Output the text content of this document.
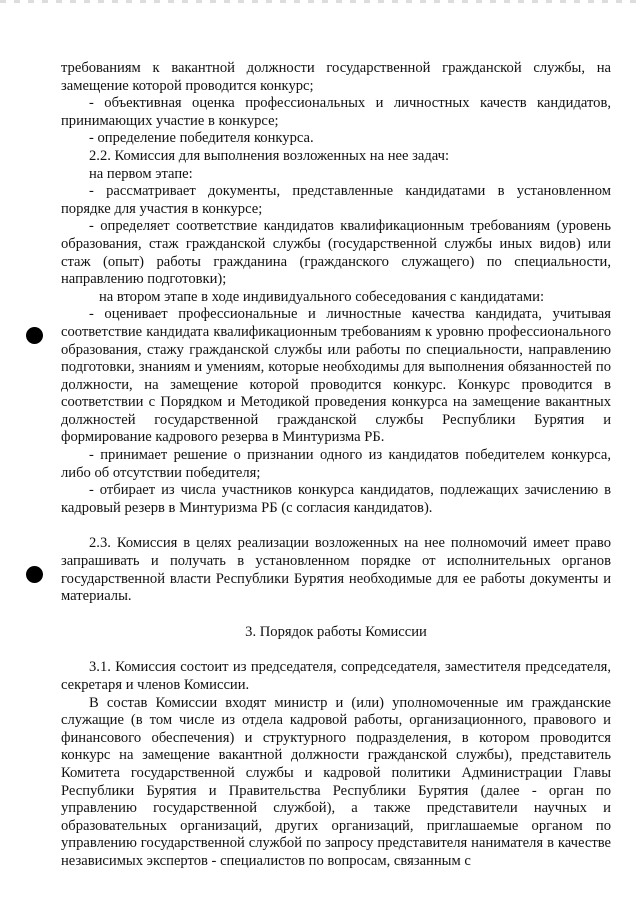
требованиям к вакантной должности государственной гражданской службы, на замещение которой проводится конкурс;

- объективная оценка профессиональных и личностных качеств кандидатов, принимающих участие в конкурсе;

- определение победителя конкурса.

2.2. Комиссия для выполнения возложенных на нее задач:

на первом этапе:

- рассматривает документы, представленные кандидатами в установленном порядке для участия в конкурсе;

- определяет соответствие кандидатов квалификационным требованиям (уровень образования, стаж гражданской службы (государственной службы иных видов) или стаж (опыт) работы гражданина (гражданского служащего) по специальности, направлению подготовки);

на втором этапе в ходе индивидуального собеседования с кандидатами:

- оценивает профессиональные и личностные качества кандидата, учитывая соответствие кандидата квалификационным требованиям к уровню профессионального образования, стажу гражданской службы или работы по специальности, направлению подготовки, знаниям и умениям, которые необходимы для выполнения обязанностей по должности, на замещение которой проводится конкурс. Конкурс проводится в соответствии с Порядком и Методикой проведения конкурса на замещение вакантных должностей государственной гражданской службы Республики Бурятия и формирование кадрового резерва в Минтуризма РБ.

- принимает решение о признании одного из кандидатов победителем конкурса, либо об отсутствии победителя;

- отбирает из числа участников конкурса кандидатов, подлежащих зачислению в кадровый резерв в Минтуризма РБ (с согласия кандидатов).

2.3. Комиссия в целях реализации возложенных на нее полномочий имеет право запрашивать и получать в установленном порядке от исполнительных органов государственной власти Республики Бурятия необходимые для ее работы документы и материалы.

3. Порядок работы Комиссии

3.1. Комиссия состоит из председателя, сопредседателя, заместителя председателя, секретаря и членов Комиссии.

В состав Комиссии входят министр и (или) уполномоченные им гражданские служащие (в том числе из отдела кадровой работы, организационного, правового и финансового обеспечения) и структурного подразделения, в котором проводится конкурс на замещение вакантной должности гражданской службы), представитель Комитета государственной службы и кадровой политики Администрации Главы Республики Бурятия и Правительства Республики Бурятия (далее - орган по управлению государственной службой), а также представители научных и образовательных организаций, других организаций, приглашаемые органом по управлению государственной службой по запросу представителя нанимателя в качестве независимых экспертов - специалистов по вопросам, связанным с
